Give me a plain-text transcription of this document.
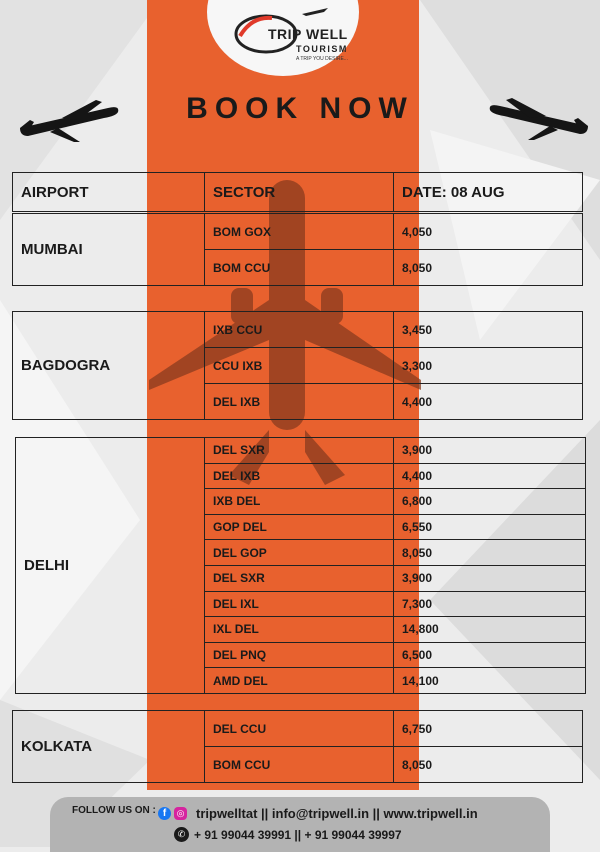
TRIP WELL
TOURISM
A TRIP YOU DESIRE...
BOOK NOW
AIRPORT	SECTOR	DATE: 08 AUG
MUMBAI	BOM GOX	4,050
	BOM CCU	8,050
BAGDOGRA	IXB CCU	3,450
	CCU IXB	3,300
	DEL IXB	4,400
DELHI	DEL SXR	3,900
	DEL IXB	4,400
	IXB DEL	6,800
	GOP DEL	6,550
	DEL GOP	8,050
	DEL SXR	3,900
	DEL IXL	7,300
	IXL DEL	14,800
	DEL PNQ	6,500
	AMD DEL	14,100
KOLKATA	DEL CCU	6,750
	BOM CCU	8,050
FOLLOW US ON : f	◎ tripwelltat || info@tripwell.in || www.tripwell.in
✆ + 91 99044 39991 || + 91 99044 39997
